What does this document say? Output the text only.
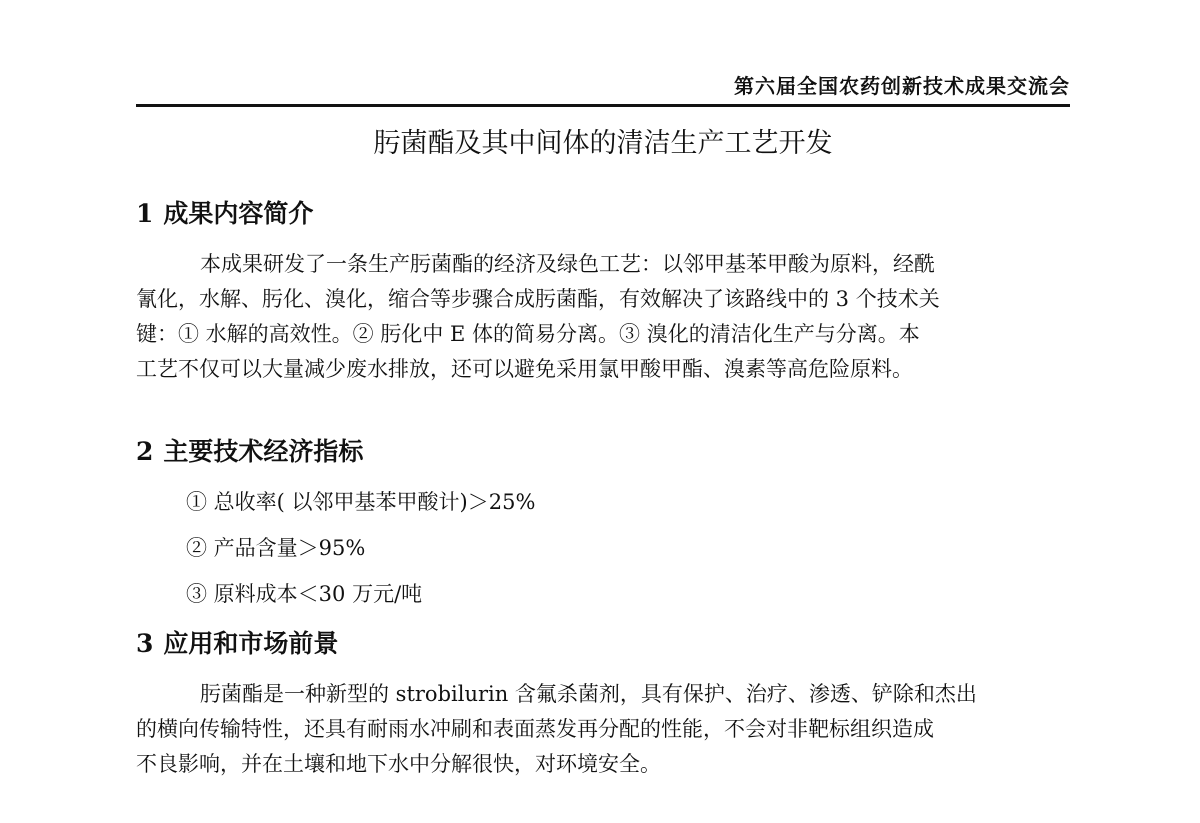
第六届全国农药创新技术成果交流会
肟菌酯及其中间体的清洁生产工艺开发
1 成果内容简介
本成果研发了一条生产肟菌酯的经济及绿色工艺：以邻甲基苯甲酸为原料，经酰
氰化，水解、肟化、溴化，缩合等步骤合成肟菌酯，有效解决了该路线中的 3 个技术关
键：① 水解的高效性。② 肟化中 E 体的简易分离。③ 溴化的清洁化生产与分离。本
工艺不仅可以大量减少废水排放，还可以避免采用氯甲酸甲酯、溴素等高危险原料。
2 主要技术经济指标
① 总收率( 以邻甲基苯甲酸计)＞25%
② 产品含量＞95%
③ 原料成本＜30 万元/吨
3 应用和市场前景
肟菌酯是一种新型的 strobilurin 含氟杀菌剂，具有保护、治疗、渗透、铲除和杰出
的横向传输特性，还具有耐雨水冲刷和表面蒸发再分配的性能，不会对非靶标组织造成
不良影响，并在土壤和地下水中分解很快，对环境安全。
